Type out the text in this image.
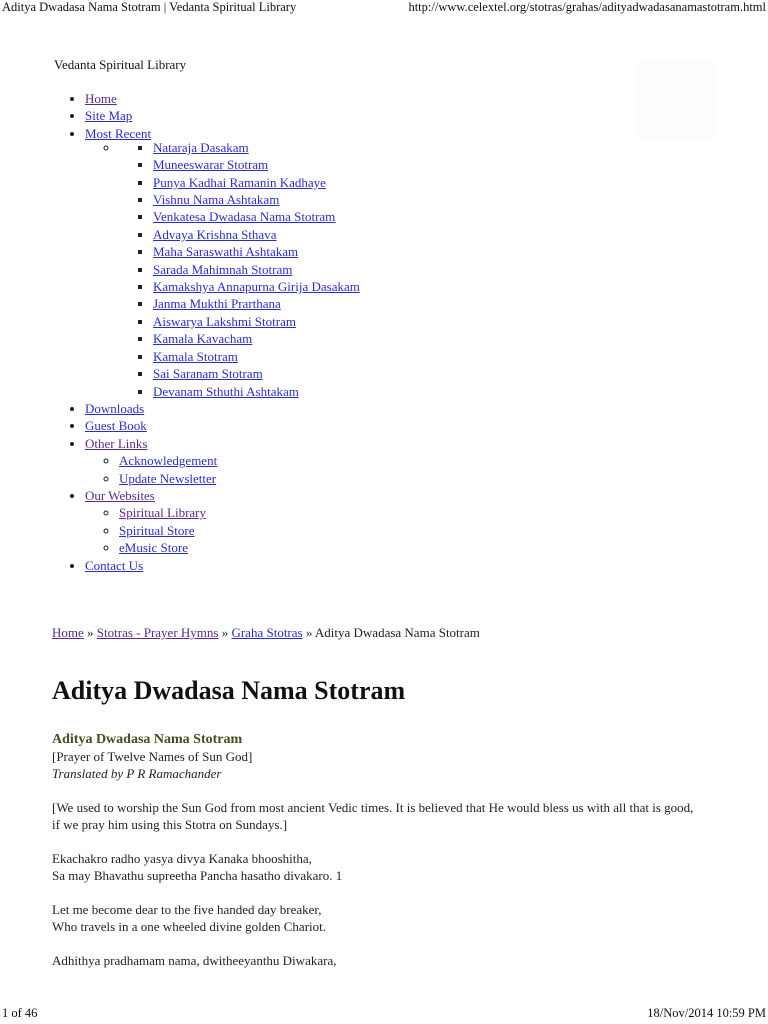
Aditya Dwadasa Nama Stotram | Vedanta Spiritual Library	http://www.celextel.org/stotras/grahas/adityadwadasanamastotram.html
Vedanta Spiritual Library
• Home
• Site Map
• Most Recent
▪ ◦ Nataraja Dasakam
▪ Muneeswarar Stotram
▪ Punya Kadhai Ramanin Kadhaye
▪ Vishnu Nama Ashtakam
▪ Venkatesa Dwadasa Nama Stotram
▪ Advaya Krishna Sthava
▪ Maha Saraswathi Ashtakam
▪ Sarada Mahimnah Stotram
▪ Kamakshya Annapurna Girija Dasakam
▪ Janma Mukthi Prarthana
▪ Aiswarya Lakshmi Stotram
▪ Kamala Kavacham
▪ Kamala Stotram
▪ Sai Saranam Stotram
▪ Devanam Sthuthi Ashtakam
• Downloads
• Guest Book
• Other Links
◦ Acknowledgement
◦ Update Newsletter
• Our Websites
◦ Spiritual Library
◦ Spiritual Store
◦ eMusic Store
• Contact Us
Home » Stotras - Prayer Hymns » Graha Stotras » Aditya Dwadasa Nama Stotram
Aditya Dwadasa Nama Stotram
Aditya Dwadasa Nama Stotram
[Prayer of Twelve Names of Sun God]

Translated by P R Ramachander

[We used to worship the Sun God from most ancient Vedic times. It is believed that He would bless us with all that is good, if we pray him using this Stotra on Sundays.]

Ekachakro radho yasya divya Kanaka bhooshitha,

Sa may Bhavathu supreetha Pancha hasatho divakaro. 1

Let me become dear to the five handed day breaker,

Who travels in a one wheeled divine golden Chariot.

Adhithya pradhamam nama, dwitheeyanthu Diwakara,
1 of 46	18/Nov/2014 10:59 PM
